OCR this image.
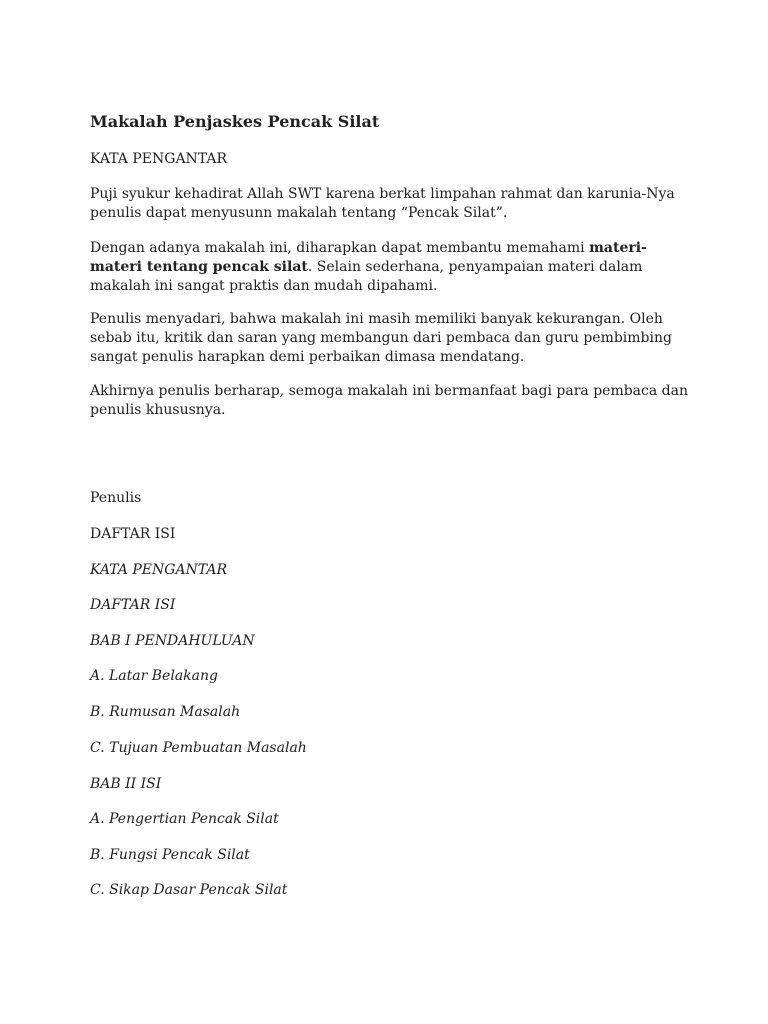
Makalah Penjaskes Pencak Silat
KATA PENGANTAR
Puji syukur kehadirat Allah SWT karena berkat limpahan rahmat dan karunia-Nya penulis dapat menyusunn makalah tentang “Pencak Silat”.
Dengan adanya makalah ini, diharapkan dapat membantu memahami materi-materi tentang pencak silat. Selain sederhana, penyampaian materi dalam makalah ini sangat praktis dan mudah dipahami.
Penulis menyadari, bahwa makalah ini masih memiliki banyak kekurangan. Oleh sebab itu, kritik dan saran yang membangun dari pembaca dan guru pembimbing sangat penulis harapkan demi perbaikan dimasa mendatang.
Akhirnya penulis berharap, semoga makalah ini bermanfaat bagi para pembaca dan penulis khususnya.
Penulis
DAFTAR ISI
KATA PENGANTAR
DAFTAR ISI
BAB I PENDAHULUAN
A. Latar Belakang
B. Rumusan Masalah
C. Tujuan Pembuatan Masalah
BAB II ISI
A. Pengertian Pencak Silat
B. Fungsi Pencak Silat
C. Sikap Dasar Pencak Silat
